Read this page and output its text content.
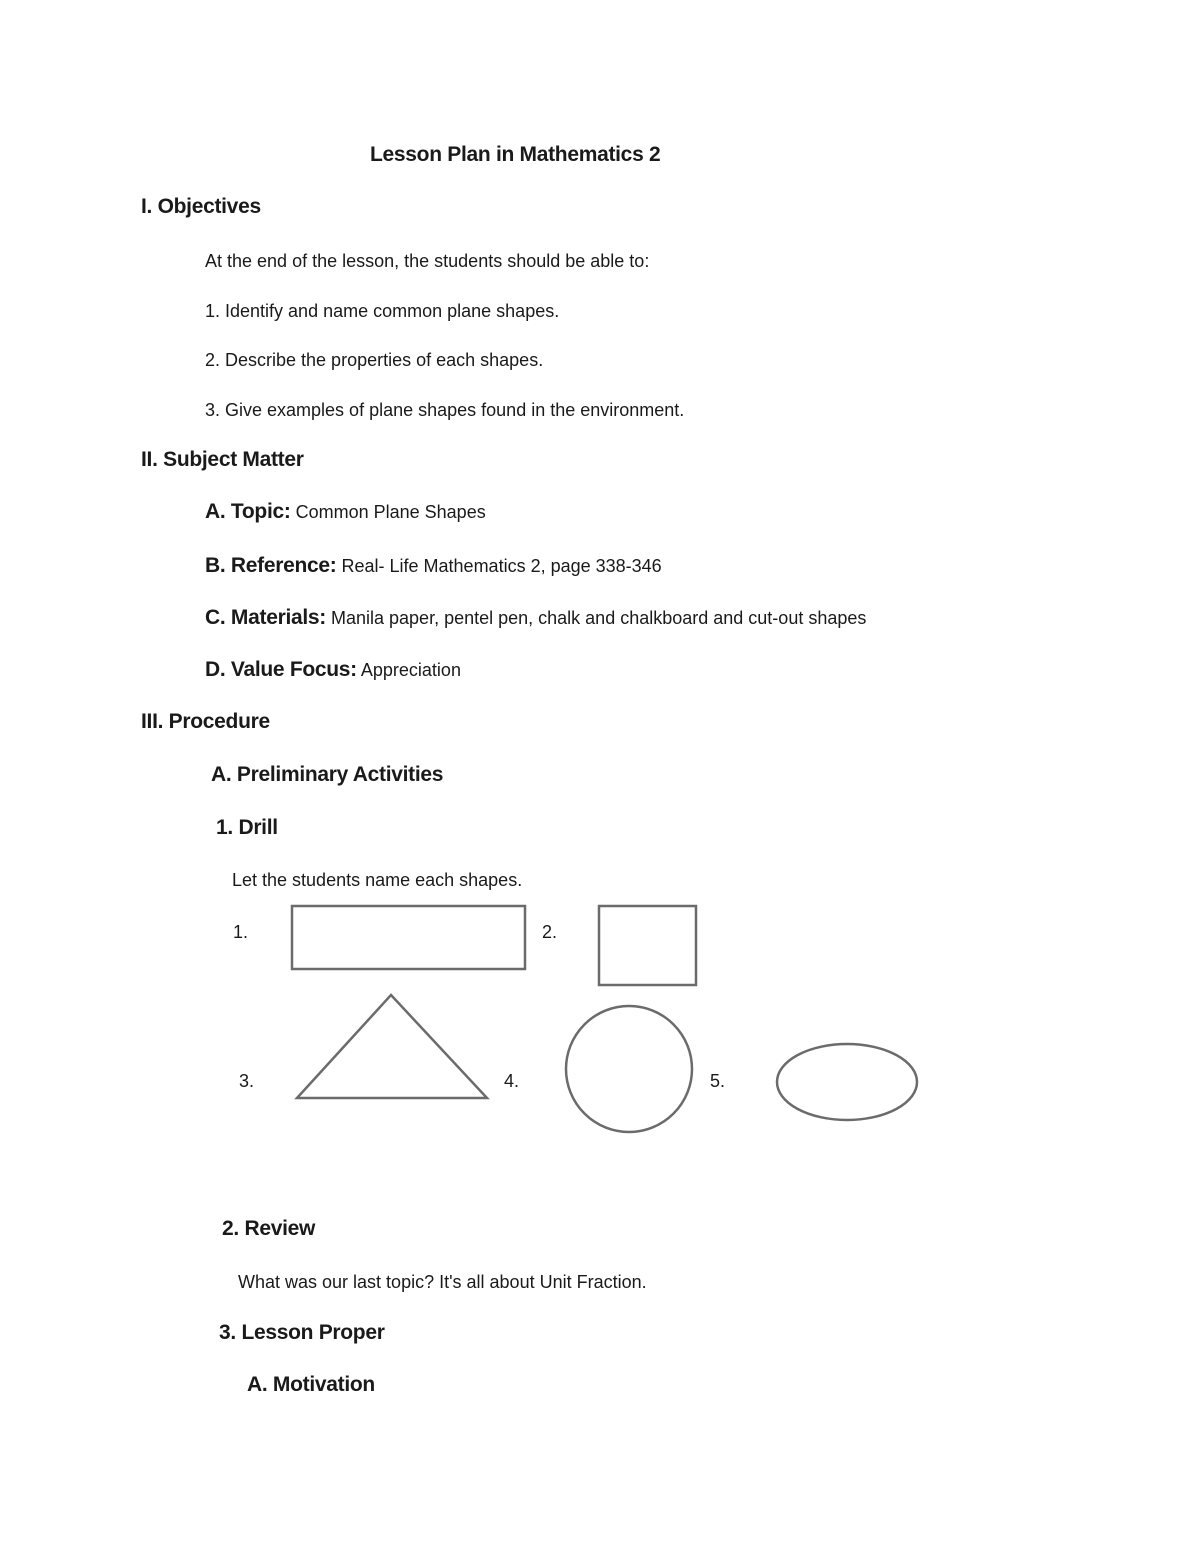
Lesson Plan in Mathematics 2
I. Objectives
At the end of the lesson, the students should be able to:
1. Identify and name common plane shapes.
2. Describe the properties of each shapes.
3. Give examples of plane shapes found in the environment.
II. Subject Matter
A. Topic: Common Plane Shapes
B. Reference: Real- Life Mathematics 2, page 338-346
C. Materials: Manila paper, pentel pen, chalk and chalkboard and cut-out shapes
D. Value Focus: Appreciation
III. Procedure
A. Preliminary Activities
1. Drill
Let the students name each shapes.
1.	2.
3.	4.	5.
2. Review
What was our last topic? It's all about Unit Fraction.
3. Lesson Proper
A. Motivation
